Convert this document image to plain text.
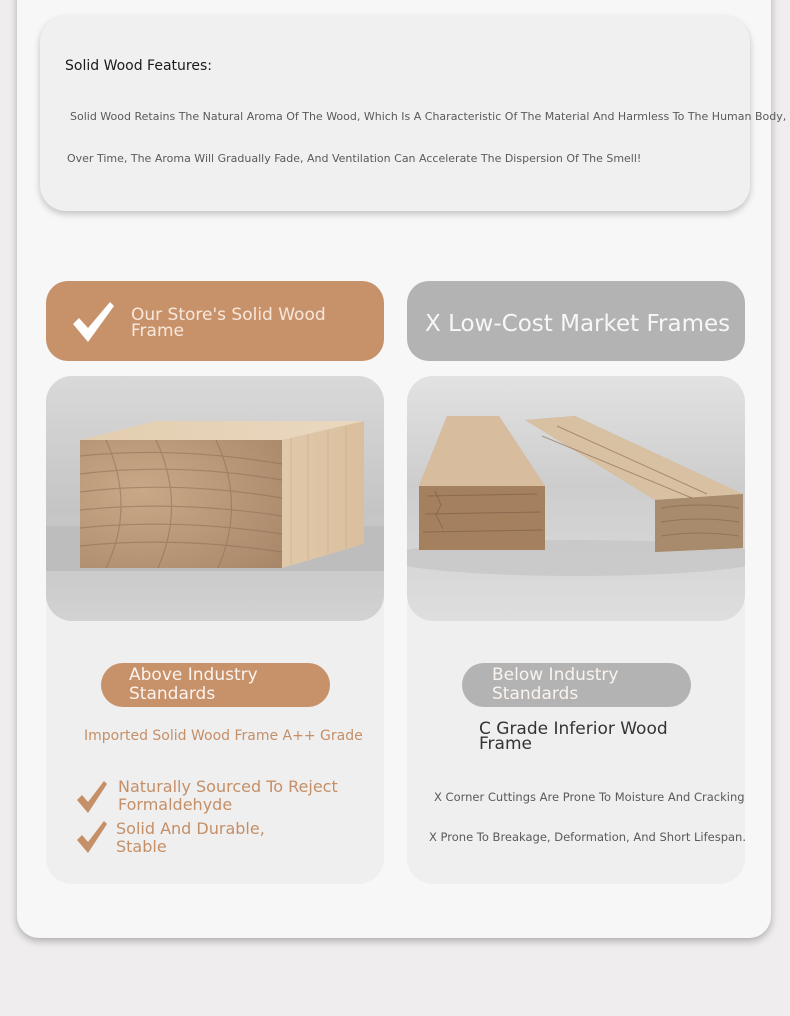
Solid Wood Features:
Solid Wood Retains The Natural Aroma Of The Wood, Which Is A Characteristic Of The Material And Harmless To The Human Body,
Over Time, The Aroma Will Gradually Fade, And Ventilation Can Accelerate The Dispersion Of The Smell!
Our Store's Solid Wood Frame	X Low-Cost Market Frames
Above Industry Standards
Below Industry Standards
Imported Solid Wood Frame A++ Grade	C Grade Inferior Wood Frame
Naturally Sourced To Reject Formaldehyde
Solid And Durable, Stable
X Corner Cuttings Are Prone To Moisture And Cracking
X Prone To Breakage, Deformation, And Short Lifespan.
